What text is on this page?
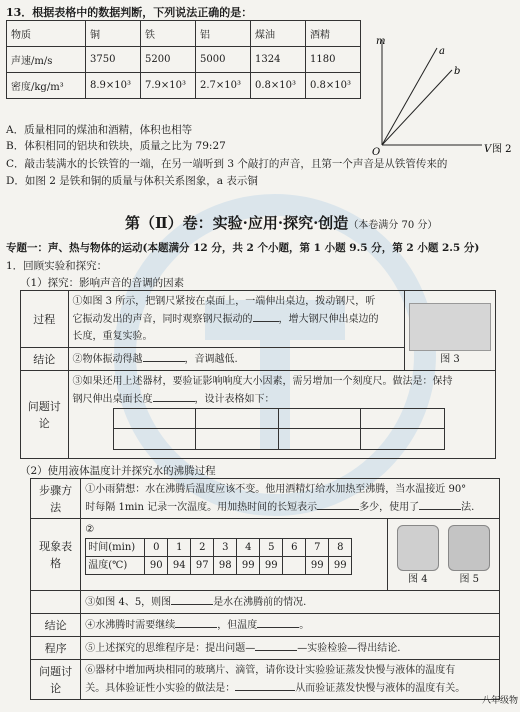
13．根据表格中的数据判断，下列说法正确的是：
物质	铜	铁	铝	煤油	酒精
声速/m/s	3750	5200	5000	1324	1180
密度/kg/m³	8.9×10³	7.9×10³	2.7×10³	0.8×10³	0.8×10³
m
V
O
a
b
图 2
A．质量相同的煤油和酒精，体积也相等
B．体积相同的铝块和铁块，质量之比为 79:27
C．敲击装满水的长铁管的一端，在另一端听到 3 个敲打的声音，且第一个声音是从铁管传来的
D．如图 2 是铁和铜的质量与体积关系图象，a 表示铜
第（Ⅱ）卷：实验·应用·探究·创造（本卷满分 70 分）
专题一：声、热与物体的运动(本题满分 12 分，共 2 个小题，第 1 小题 9.5 分，第 2 小题 2.5 分)
1．回顾实验和探究：
（1）探究：影响声音的音调的因素
过程	①如图 3 所示，把钢尺紧按在桌面上，一端伸出桌边，拨动钢尺，听
它振动发出的声音，同时观察钢尺振动的 ，增大钢尺伸出桌边的
长度，重复实验。	图 3

结论	②物体振动得越 ，音调越低.	
问题讨论	③如果还用上述器材，要验证影响响度大小因素，需另增加一个刻度尺。做法是：保持
钢尺伸出桌面长度 ，设计表格如下：	
（2）使用液体温度计并探究水的沸腾过程
步骤方法	
①小雨猜想：水在沸腾后温度应该不变。他用酒精灯给水加热至沸腾，当水温接近 90°
时每隔 1min 记录一次温度。用加热时间的长短表示	多少，使用了	法.

现象表格	
②
时间(min)	0	1	2	3	4	5	6	7	8
温度(℃)	90	94	97	98	99	99		99	99

图 4	图 5

	③如图 4、5，则图	是水在沸腾前的情况.
结论	④水沸腾时需要继续	，但温度	。
程序	⑤上述探究的思维程序是：提出问题—	—实验检验—得出结论.
问题讨论	
⑥器材中增加两块相同的玻璃片、滴管，请你设计实验验证蒸发快慢与液体的温度有
关。具体验证性小实验的做法是：	从而验证蒸发快慢与液体的温度有关。
八年级物
